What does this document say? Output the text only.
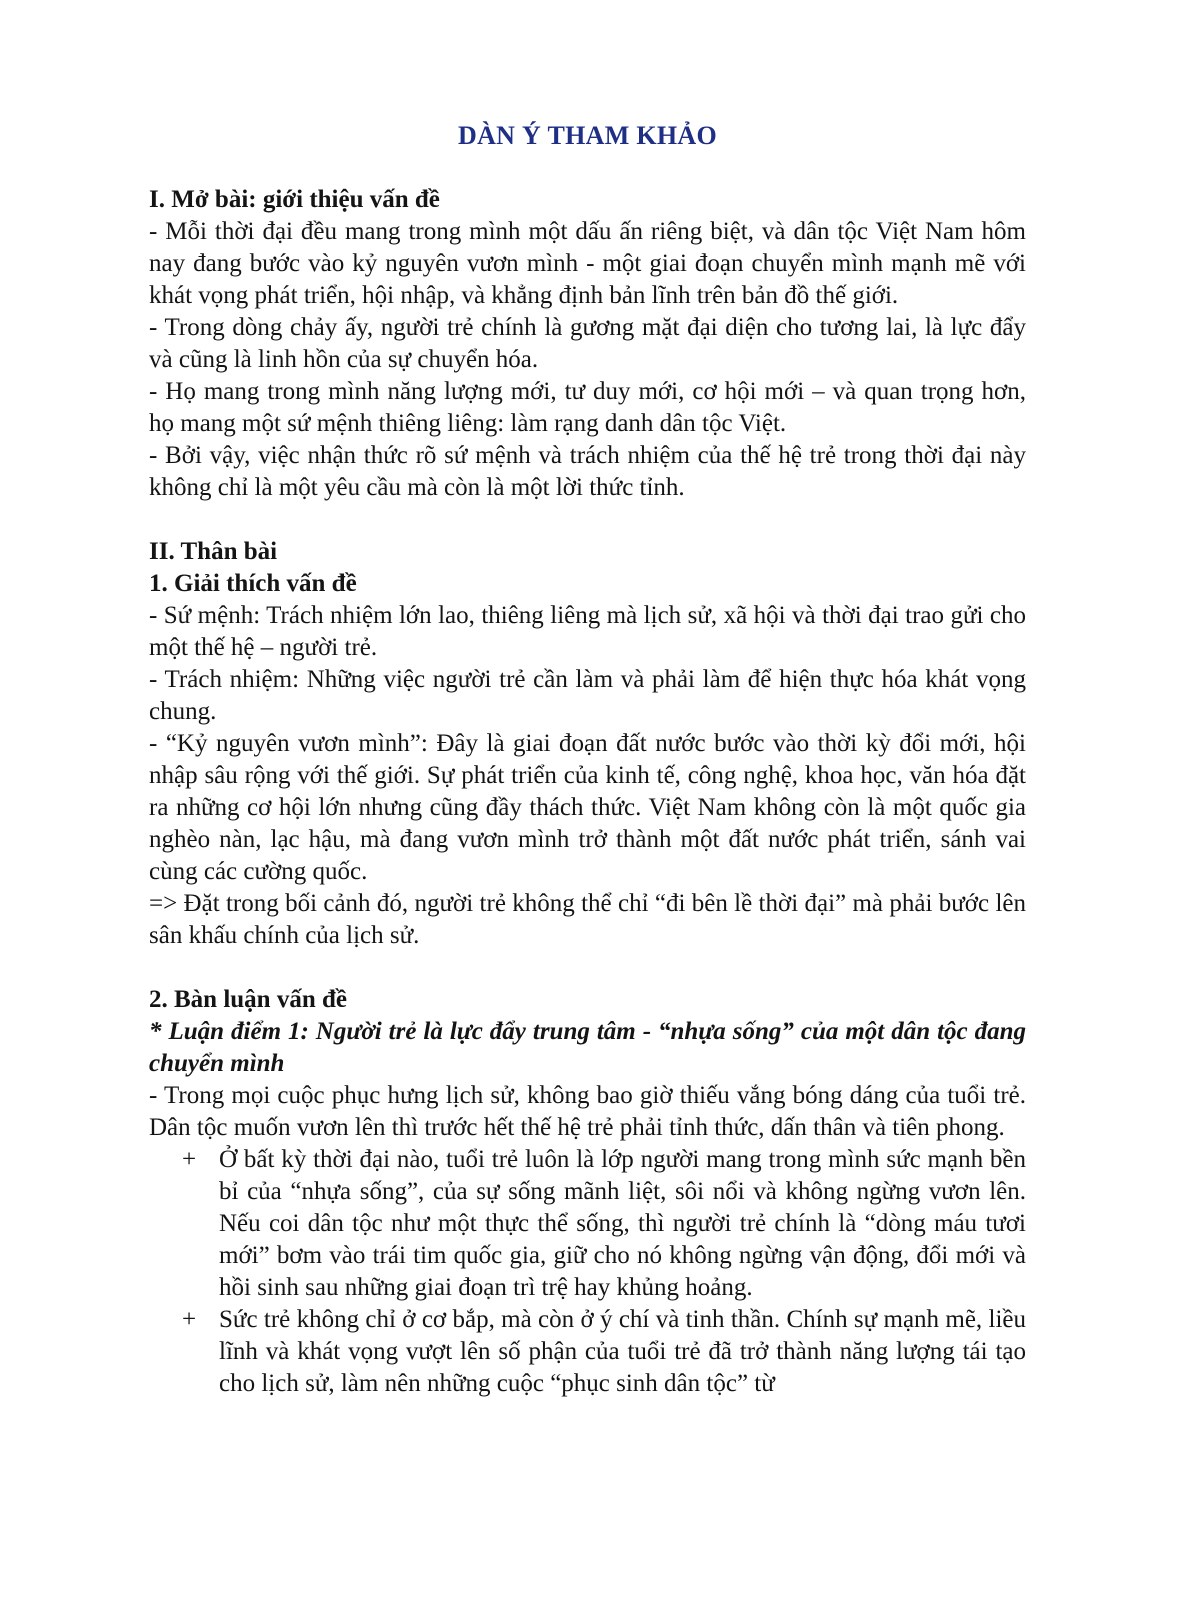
DÀN Ý THAM KHẢO
I. Mở bài: giới thiệu vấn đề

- Mỗi thời đại đều mang trong mình một dấu ấn riêng biệt, và dân tộc Việt Nam hôm nay đang bước vào kỷ nguyên vươn mình - một giai đoạn chuyển mình mạnh mẽ với khát vọng phát triển, hội nhập, và khẳng định bản lĩnh trên bản đồ thế giới.

- Trong dòng chảy ấy, người trẻ chính là gương mặt đại diện cho tương lai, là lực đẩy và cũng là linh hồn của sự chuyển hóa.

- Họ mang trong mình năng lượng mới, tư duy mới, cơ hội mới – và quan trọng hơn, họ mang một sứ mệnh thiêng liêng: làm rạng danh dân tộc Việt.

- Bởi vậy, việc nhận thức rõ sứ mệnh và trách nhiệm của thế hệ trẻ trong thời đại này không chỉ là một yêu cầu mà còn là một lời thức tỉnh.

II. Thân bài
1. Giải thích vấn đề

- Sứ mệnh: Trách nhiệm lớn lao, thiêng liêng mà lịch sử, xã hội và thời đại trao gửi cho một thế hệ – người trẻ.

- Trách nhiệm: Những việc người trẻ cần làm và phải làm để hiện thực hóa khát vọng chung.

- “Kỷ nguyên vươn mình”: Đây là giai đoạn đất nước bước vào thời kỳ đổi mới, hội nhập sâu rộng với thế giới. Sự phát triển của kinh tế, công nghệ, khoa học, văn hóa đặt ra những cơ hội lớn nhưng cũng đầy thách thức. Việt Nam không còn là một quốc gia nghèo nàn, lạc hậu, mà đang vươn mình trở thành một đất nước phát triển, sánh vai cùng các cường quốc.

=> Đặt trong bối cảnh đó, người trẻ không thể chỉ “đi bên lề thời đại” mà phải bước lên sân khấu chính của lịch sử.

2. Bàn luận vấn đề
* Luận điểm 1: Người trẻ là lực đẩy trung tâm - “nhựa sống” của một dân tộc đang chuyển mình

- Trong mọi cuộc phục hưng lịch sử, không bao giờ thiếu vắng bóng dáng của tuổi trẻ. Dân tộc muốn vươn lên thì trước hết thế hệ trẻ phải tỉnh thức, dấn thân và tiên phong.

+ Ở bất kỳ thời đại nào, tuổi trẻ luôn là lớp người mang trong mình sức mạnh bền bỉ của “nhựa sống”, của sự sống mãnh liệt, sôi nổi và không ngừng vươn lên. Nếu coi dân tộc như một thực thể sống, thì người trẻ chính là “dòng máu tươi mới” bơm vào trái tim quốc gia, giữ cho nó không ngừng vận động, đổi mới và hồi sinh sau những giai đoạn trì trệ hay khủng hoảng.

+ Sức trẻ không chỉ ở cơ bắp, mà còn ở ý chí và tinh thần. Chính sự mạnh mẽ, liều lĩnh và khát vọng vượt lên số phận của tuổi trẻ đã trở thành năng lượng tái tạo cho lịch sử, làm nên những cuộc “phục sinh dân tộc” từ
